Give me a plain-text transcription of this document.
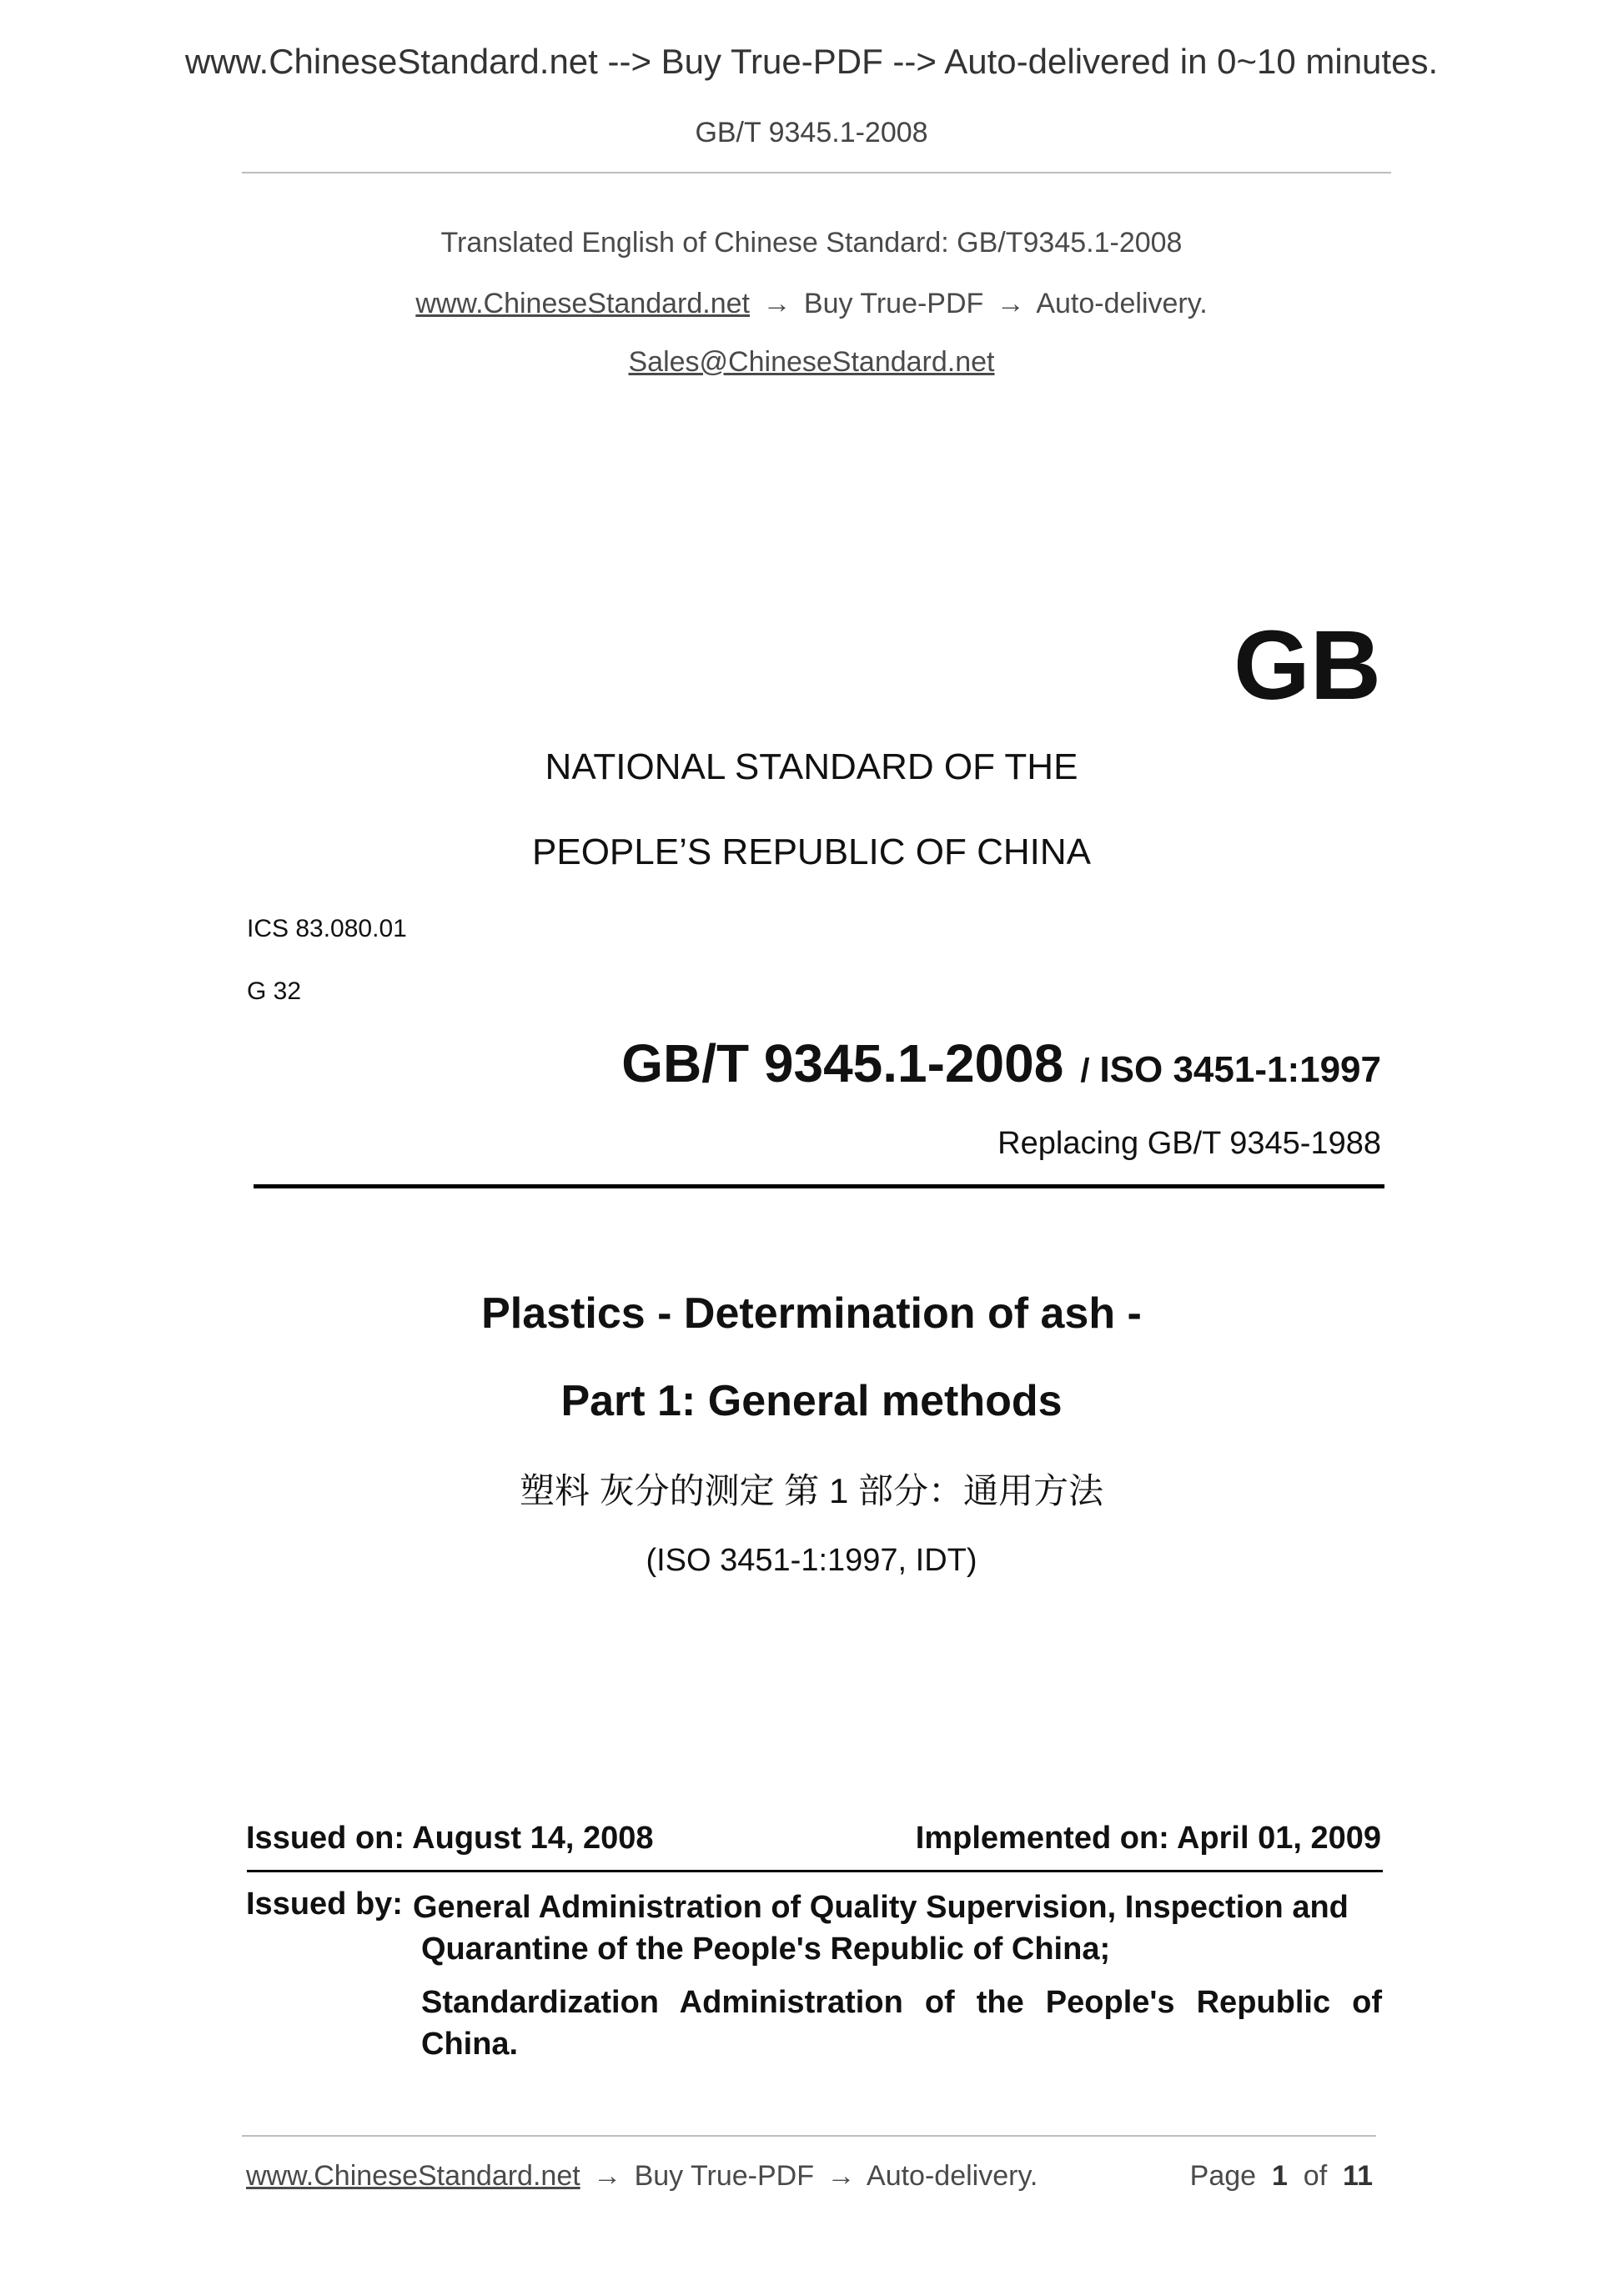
www.ChineseStandard.net --> Buy True-PDF --> Auto-delivered in 0~10 minutes.
GB/T 9345.1-2008
Translated English of Chinese Standard: GB/T9345.1-2008
www.ChineseStandard.net → Buy True-PDF → Auto-delivery.
Sales@ChineseStandard.net
GB
NATIONAL STANDARD OF THE
PEOPLE’S REPUBLIC OF CHINA
ICS 83.080.01
G 32
GB/T 9345.1-2008 / ISO 3451-1:1997
Replacing GB/T 9345-1988
Plastics - Determination of ash -
Part 1: General methods
塑料 灰分的测定 第 1 部分：通用方法
(ISO 3451-1:1997, IDT)
Issued on: August 14, 2008	Implemented on: April 01, 2009
Issued by: General Administration of Quality Supervision, Inspection and
Quarantine of the People's Republic of China;
Standardization Administration of the People's Republic of
China.
www.ChineseStandard.net → Buy True-PDF → Auto-delivery.	Page 1 of 11
